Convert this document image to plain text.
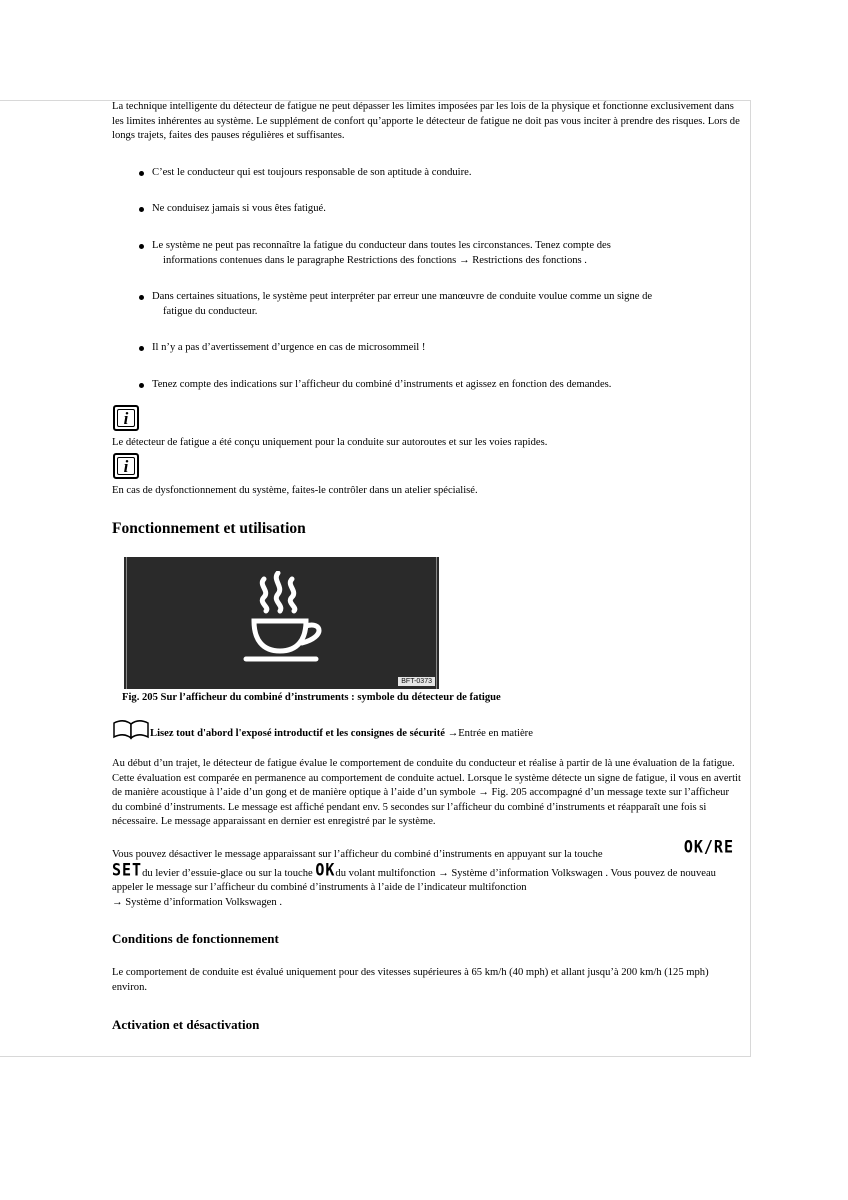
La technique intelligente du détecteur de fatigue ne peut dépasser les limites imposées par les lois de la physique et fonctionne exclusivement dans les limites inhérentes au système. Le supplément de confort qu’apporte le détecteur de fatigue ne doit pas vous inciter à prendre des risques. Lors de longs trajets, faites des pauses régulières et suffisantes.

C’est le conducteur qui est toujours responsable de son aptitude à conduire.
Ne conduisez jamais si vous êtes fatigué.
Le système ne peut pas reconnaître la fatigue du conducteur dans toutes les circonstances. Tenez compte des
informations contenues dans le paragraphe Restrictions des fonctions → Restrictions des fonctions .
Dans certaines situations, le système peut interpréter par erreur une manœuvre de conduite voulue comme un signe de
fatigue du conducteur.
Il n’y a pas d’avertissement d’urgence en cas de microsommeil !
Tenez compte des indications sur l’afficheur du combiné d’instruments et agissez en fonction des demandes.
i

Le détecteur de fatigue a été conçu uniquement pour la conduite sur autoroutes et sur les voies rapides.

i

En cas de dysfonctionnement du système, faites-le contrôler dans un atelier spécialisé.

Fonctionnement et utilisation
BFT-0373

Fig. 205 Sur l’afficheur du combiné d’instruments : symbole du détecteur de fatigue

Lisez tout d'abord l'exposé introductif et les consignes de sécurité →Entrée en matière

Au début d’un trajet, le détecteur de fatigue évalue le comportement de conduite du conducteur et réalise à partir de là une évaluation de la fatigue. Cette évaluation est comparée en permanence au comportement de conduite actuel. Lorsque le système détecte un signe de fatigue, il vous en avertit de manière acoustique à l’aide d’un gong et de manière optique à l’aide d’un symbole → Fig. 205 accompagné d’un message texte sur l’afficheur du combiné d’instruments. Le message est affiché pendant env. 5 secondes sur l’afficheur du combiné d’instruments et réapparaît une fois si nécessaire. Le message apparaissant en dernier est enregistré par le système.

Vous pouvez désactiver le message apparaissant sur l’afficheur du combiné d’instruments en appuyant sur la touche	OK/RE

SETdu levier d’essuie-glace ou sur la touche OKdu volant multifonction → Système d’information Volkswagen . Vous pouvez de nouveau appeler le message sur l’afficheur du combiné d’instruments à l’aide de l’indicateur multifonction
→ Système d’information Volkswagen .

Conditions de fonctionnement

Le comportement de conduite est évalué uniquement pour des vitesses supérieures à 65 km/h (40 mph) et allant jusqu’à 200 km/h (125 mph) environ.

Activation et désactivation
